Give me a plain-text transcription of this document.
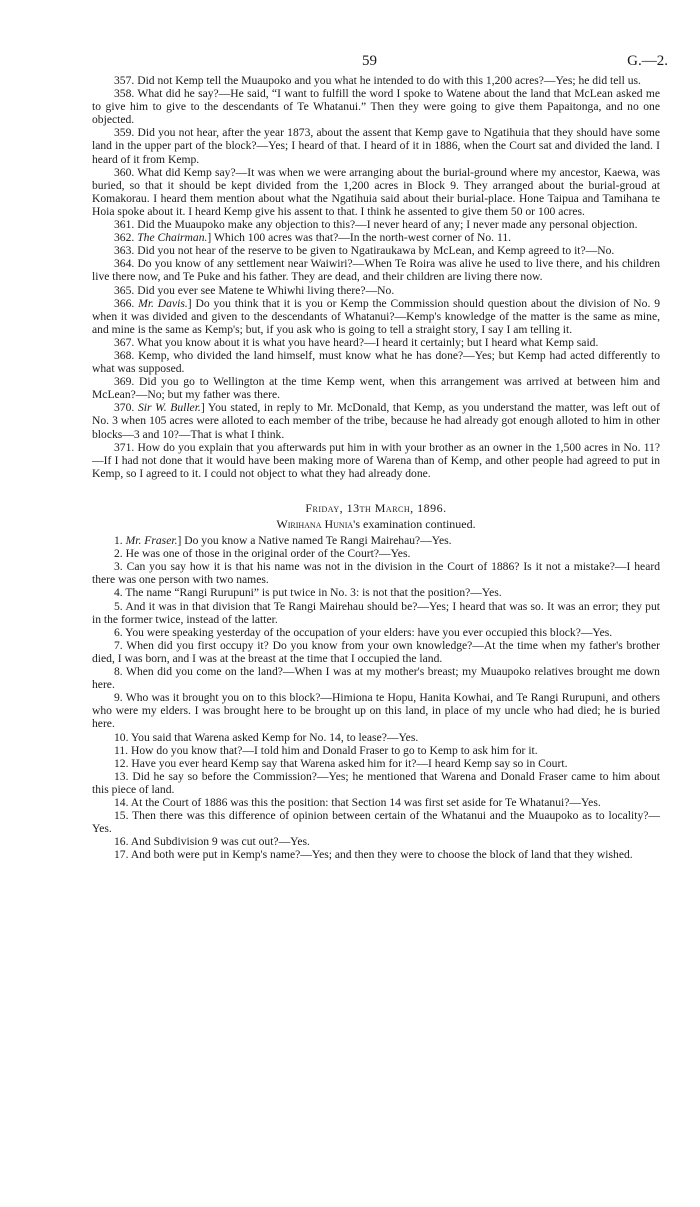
59	G.—2.

357. Did not Kemp tell the Muaupoko and you what he intended to do with this 1,200 acres?—Yes; he did tell us.

358. What did he say?—He said, “I want to fulfill the word I spoke to Watene about the land that McLean asked me to give him to give to the descendants of Te Whatanui.” Then they were going to give them Papaitonga, and no one objected.

359. Did you not hear, after the year 1873, about the assent that Kemp gave to Ngatihuia that they should have some land in the upper part of the block?—Yes; I heard of that. I heard of it in 1886, when the Court sat and divided the land. I heard of it from Kemp.

360. What did Kemp say?—It was when we were arranging about the burial-ground where my ancestor, Kaewa, was buried, so that it should be kept divided from the 1,200 acres in Block 9. They arranged about the burial-groud at Komakorau. I heard them mention about what the Ngatihuia said about their burial-place. Hone Taipua and Tamihana te Hoia spoke about it. I heard Kemp give his assent to that. I think he assented to give them 50 or 100 acres.

361. Did the Muaupoko make any objection to this?—I never heard of any; I never made any personal objection.

362. The Chairman.] Which 100 acres was that?—In the north-west corner of No. 11.

363. Did you not hear of the reserve to be given to Ngatiraukawa by McLean, and Kemp agreed to it?—No.

364. Do you know of any settlement near Waiwiri?—When Te Roira was alive he used to live there, and his children live there now, and Te Puke and his father. They are dead, and their children are living there now.

365. Did you ever see Matene te Whiwhi living there?—No.

366. Mr. Davis.] Do you think that it is you or Kemp the Commission should question about the division of No. 9 when it was divided and given to the descendants of Whatanui?—Kemp's knowledge of the matter is the same as mine, and mine is the same as Kemp's; but, if you ask who is going to tell a straight story, I say I am telling it.

367. What you know about it is what you have heard?—I heard it certainly; but I heard what Kemp said.

368. Kemp, who divided the land himself, must know what he has done?—Yes; but Kemp had acted differently to what was supposed.

369. Did you go to Wellington at the time Kemp went, when this arrangement was arrived at between him and McLean?—No; but my father was there.

370. Sir W. Buller.] You stated, in reply to Mr. McDonald, that Kemp, as you understand the matter, was left out of No. 3 when 105 acres were alloted to each member of the tribe, because he had already got enough alloted to him in other blocks—3 and 10?—That is what I think.

371. How do you explain that you afterwards put him in with your brother as an owner in the 1,500 acres in No. 11?—If I had not done that it would have been making more of Warena than of Kemp, and other people had agreed to put in Kemp, so I agreed to it. I could not object to what they had already done.

Friday, 13th March, 1896.
Wirihana Hunia's examination continued.

1. Mr. Fraser.] Do you know a Native named Te Rangi Mairehau?—Yes.

2. He was one of those in the original order of the Court?—Yes.

3. Can you say how it is that his name was not in the division in the Court of 1886? Is it not a mistake?—I heard there was one person with two names.

4. The name “Rangi Rurupuni” is put twice in No. 3: is not that the position?—Yes.

5. And it was in that division that Te Rangi Mairehau should be?—Yes; I heard that was so. It was an error; they put in the former twice, instead of the latter.

6. You were speaking yesterday of the occupation of your elders: have you ever occupied this block?—Yes.

7. When did you first occupy it? Do you know from your own knowledge?—At the time when my father's brother died, I was born, and I was at the breast at the time that I occupied the land.

8. When did you come on the land?—When I was at my mother's breast; my Muaupoko relatives brought me down here.

9. Who was it brought you on to this block?—Himiona te Hopu, Hanita Kowhai, and Te Rangi Rurupuni, and others who were my elders. I was brought here to be brought up on this land, in place of my uncle who had died; he is buried here.

10. You said that Warena asked Kemp for No. 14, to lease?—Yes.

11. How do you know that?—I told him and Donald Fraser to go to Kemp to ask him for it.

12. Have you ever heard Kemp say that Warena asked him for it?—I heard Kemp say so in Court.

13. Did he say so before the Commission?—Yes; he mentioned that Warena and Donald Fraser came to him about this piece of land.

14. At the Court of 1886 was this the position: that Section 14 was first set aside for Te Whatanui?—Yes.

15. Then there was this difference of opinion between certain of the Whatanui and the Muaupoko as to locality?—Yes.

16. And Subdivision 9 was cut out?—Yes.

17. And both were put in Kemp's name?—Yes; and then they were to choose the block of land that they wished.
